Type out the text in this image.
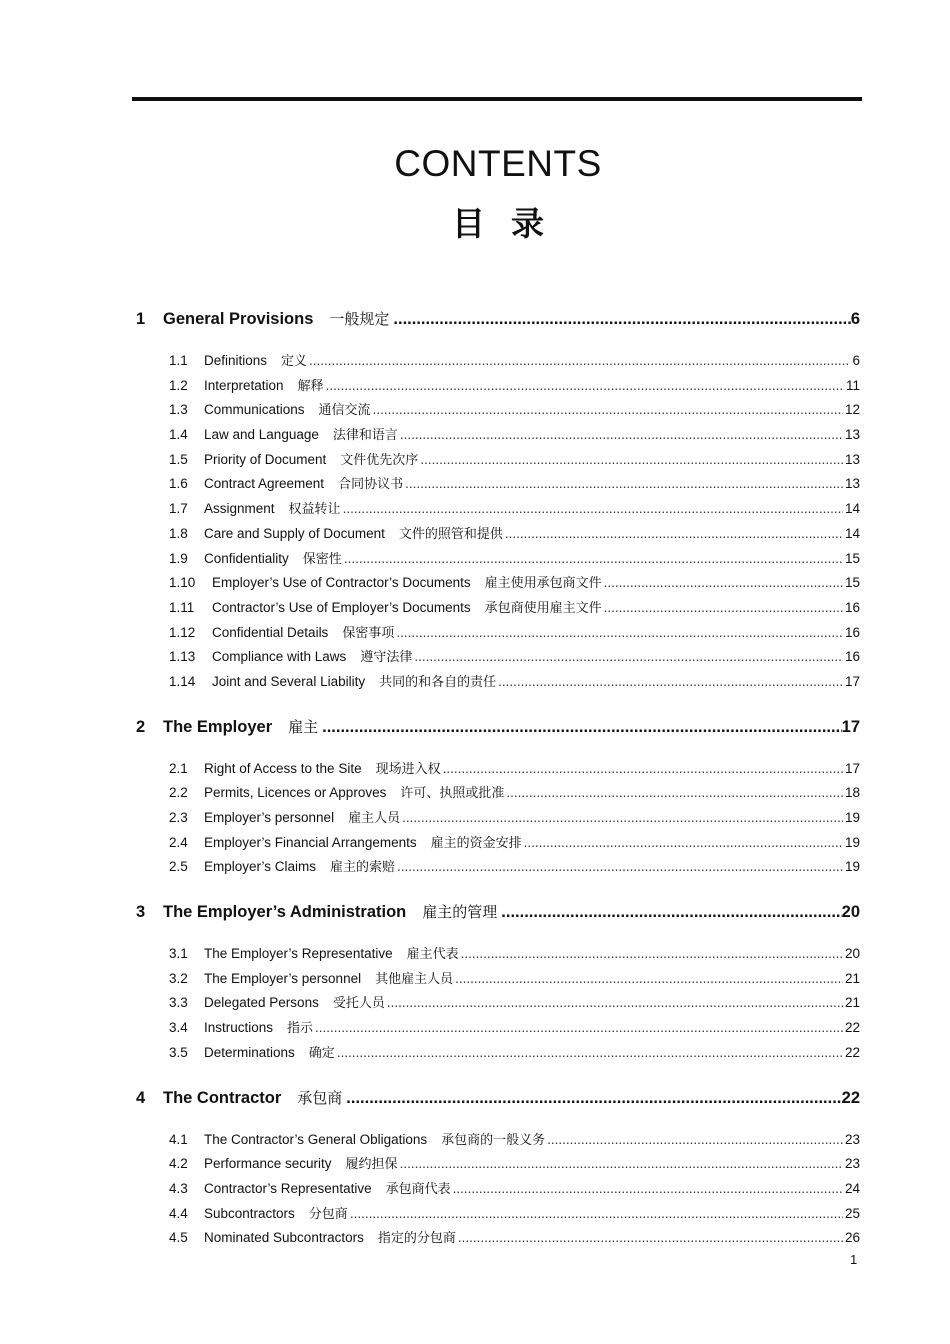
CONTENTS
目录
1	General Provisions 一般规定 .....	6
1.1	Definitions 定义 .....	6
1.2	Interpretation 解释 .....	11
1.3	Communications 通信交流 .....	12
1.4	Law and Language 法律和语言 .....	13
1.5	Priority of Document 文件优先次序 .....	13
1.6	Contract Agreement 合同协议书 .....	13
1.7	Assignment 权益转让 .....	14
1.8	Care and Supply of Document 文件的照管和提供 .....	14
1.9	Confidentiality 保密性 .....	15
1.10	Employer’s Use of Contractor’s Documents 雇主使用承包商文件 .....	15
1.11	Contractor’s Use of Employer’s Documents 承包商使用雇主文件 .....	16
1.12	Confidential Details 保密事项 .....	16
1.13	Compliance with Laws 遵守法律 .....	16
1.14	Joint and Several Liability 共同的和各自的责任 .....	17
2	The Employer 雇主 .....	17
2.1	Right of Access to the Site 现场进入权 .....	17
2.2	Permits, Licences or Approves 许可、执照或批准 .....	18
2.3	Employer’s personnel 雇主人员 .....	19
2.4	Employer’s Financial Arrangements 雇主的资金安排 .....	19
2.5	Employer’s Claims 雇主的索赔 .....	19
3	The Employer’s Administration 雇主的管理 .....	20
3.1	The Employer’s Representative 雇主代表 .....	20
3.2	The Employer’s personnel 其他雇主人员 .....	21
3.3	Delegated Persons 受托人员 .....	21
3.4	Instructions 指示 .....	22
3.5	Determinations 确定 .....	22
4	The Contractor 承包商 .....	22
4.1	The Contractor’s General Obligations 承包商的一般义务 .....	23
4.2	Performance security 履约担保 .....	23
4.3	Contractor’s Representative 承包商代表 .....	24
4.4	Subcontractors 分包商 .....	25
4.5	Nominated Subcontractors 指定的分包商 .....	26
1
